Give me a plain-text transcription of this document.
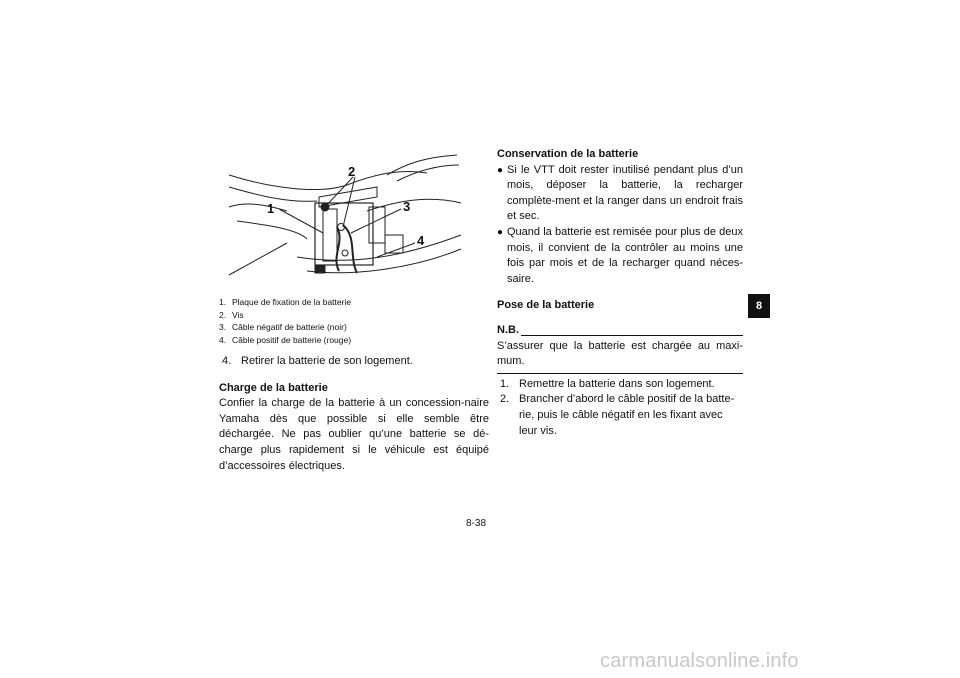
1
2
3
4
1. Plaque de fixation de la batterie
2. Vis
3. Câble négatif de batterie (noir)
4. Câble positif de batterie (rouge)
4. Retirer la batterie de son logement.
Charge de la batterie
Confier la charge de la batterie à un concession-naire Yamaha dès que possible si elle semble être déchargée. Ne pas oublier qu’une batterie se dé-charge plus rapidement si le véhicule est équipé d’accessoires électriques.
Conservation de la batterie
● Si le VTT doit rester inutilisé pendant plus d’un mois, déposer la batterie, la recharger complète-ment et la ranger dans un endroit frais et sec.
● Quand la batterie est remisée pour plus de deux mois, il convient de la contrôler au moins une fois par mois et de la recharger quand néces-saire.
Pose de la batterie
N.B.
S’assurer que la batterie est chargée au maxi-mum.
1. Remettre la batterie dans son logement.
2. Brancher d’abord le câble positif de la batte-rie, puis le câble négatif en les fixant avec leur vis.
8
8-38
carmanualsonline.info
